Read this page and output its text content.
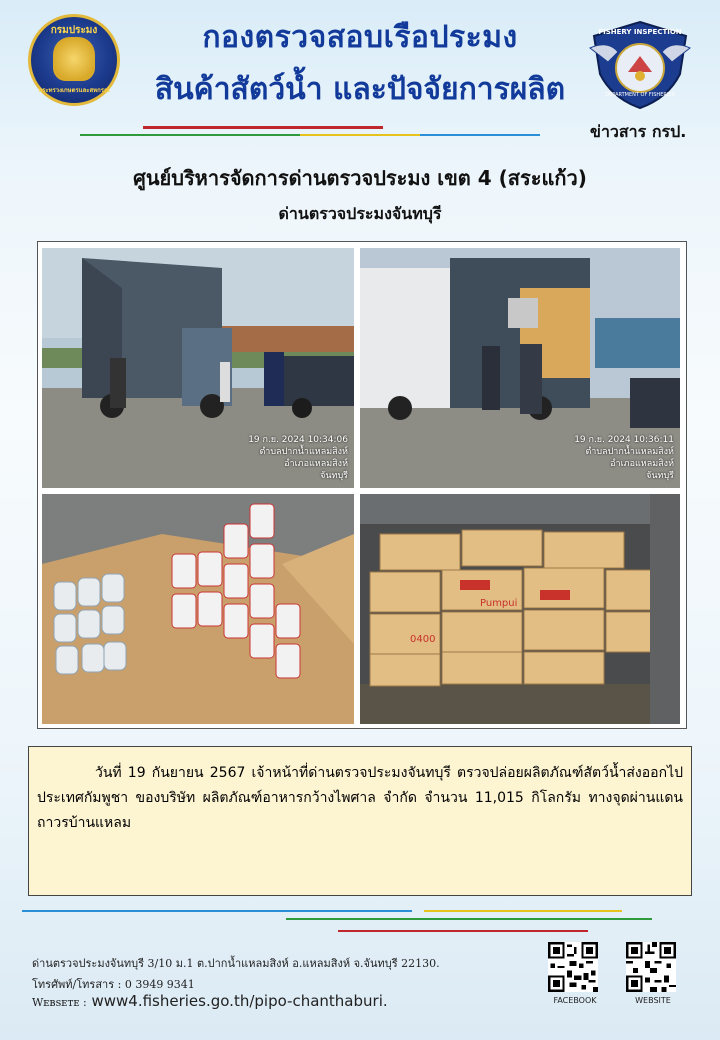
กรมประมง
กระทรวงเกษตรและสหกรณ์
FISHERY INSPECTION
DEPARTMENT OF FISHERIES
กองตรวจสอบเรือประมง
สินค้าสัตว์น้ำ และปัจจัยการผลิต
ข่าวสาร กรป.
ศูนย์บริหารจัดการด่านตรวจประมง เขต 4 (สระแก้ว)
ด่านตรวจประมงจันทบุรี
19 ก.ย. 2024 10:34:06
ตำบลปากน้ำแหลมสิงห์
อำเภอแหลมสิงห์
จันทบุรี
19 ก.ย. 2024 10:36:11
ตำบลปากน้ำแหลมสิงห์
อำเภอแหลมสิงห์
จันทบุรี
Pumpui
0400

วันที่ 19 กันยายน 2567 เจ้าหน้าที่ด่านตรวจประมงจันทบุรี ตรวจปล่อยผลิตภัณฑ์สัตว์น้ำส่งออกไปประเทศกัมพูชา ของบริษัท ผลิตภัณฑ์อาหารกว้างไพศาล จำกัด จำนวน 11,015 กิโลกรัม ทางจุดผ่านแดนถาวรบ้านแหลม

ด่านตรวจประมงจันทบุรี 3/10 ม.1 ต.ปากน้ำแหลมสิงห์ อ.แหลมสิงห์ จ.จันทบุรี 22130.
โทรศัพท์/โทรสาร : 0 3949 9341
Wᴇʙsᴇᴛᴇ : www4.fisheries.go.th/pipo-chanthaburi.	FACEBOOK	WEBSITE
